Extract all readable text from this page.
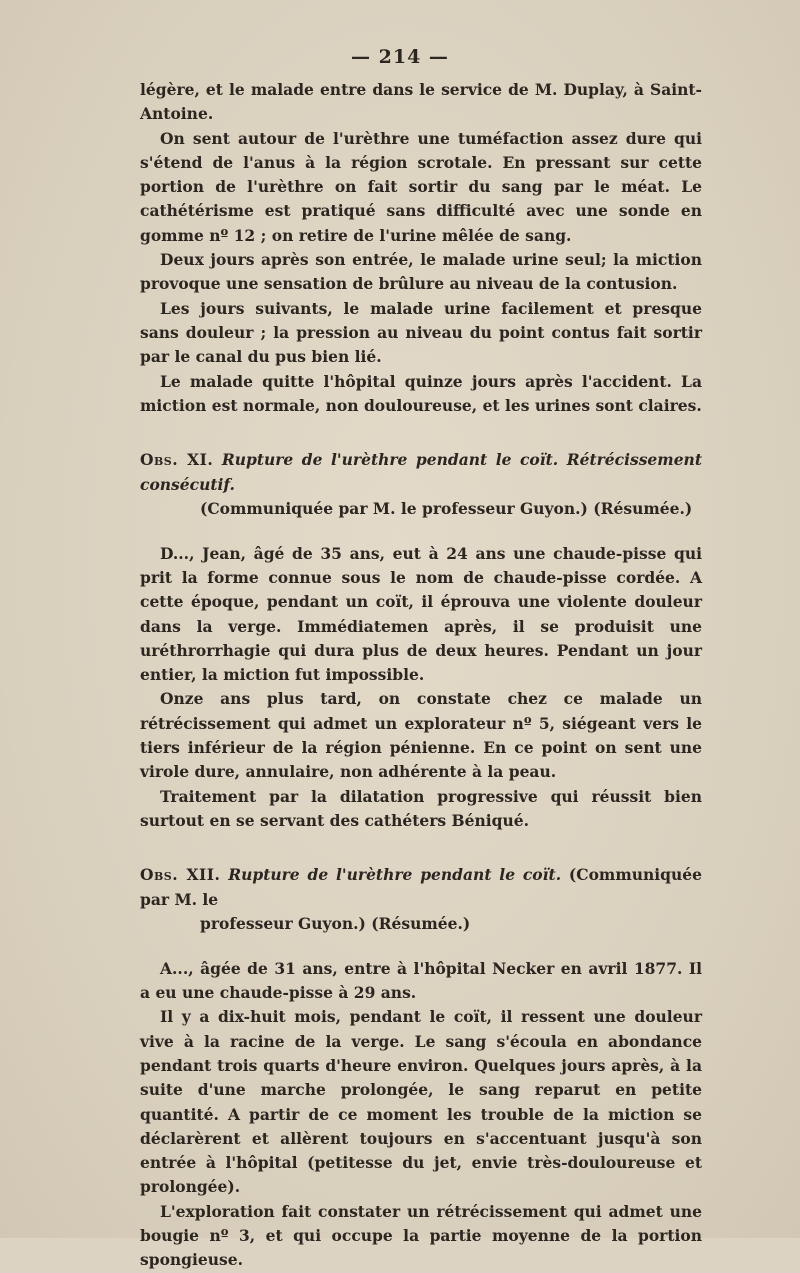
— 214 —

légère, et le malade entre dans le service de M. Duplay, à Saint-Antoine.

On sent autour de l'urèthre une tuméfaction assez dure qui s'étend de l'anus à la région scrotale. En pressant sur cette portion de l'urèthre on fait sortir du sang par le méat. Le cathétérisme est pratiqué sans difficulté avec une sonde en gomme nº 12 ; on retire de l'urine mêlée de sang.

Deux jours après son entrée, le malade urine seul; la miction provoque une sensation de brûlure au niveau de la contusion.

Les jours suivants, le malade urine facilement et presque sans douleur ; la pression au niveau du point contus fait sortir par le canal du pus bien lié.

Le malade quitte l'hôpital quinze jours après l'accident. La miction est normale, non douloureuse, et les urines sont claires.

Obs. XI. Rupture de l'urèthre pendant le coït. Rétrécissement consécutif.
(Communiquée par M. le professeur Guyon.) (Résumée.)

D..., Jean, âgé de 35 ans, eut à 24 ans une chaude-pisse qui prit la forme connue sous le nom de chaude-pisse cordée. A cette époque, pendant un coït, il éprouva une violente douleur dans la verge. Immédiatemen après, il se produisit une uréthrorrhagie qui dura plus de deux heures. Pendant un jour entier, la miction fut impossible.

Onze ans plus tard, on constate chez ce malade un rétrécissement qui admet un explorateur nº 5, siégeant vers le tiers inférieur de la région pénienne. En ce point on sent une virole dure, annulaire, non adhérente à la peau.

Traitement par la dilatation progressive qui réussit bien surtout en se servant des cathéters Béniqué.

Obs. XII. Rupture de l'urèthre pendant le coït. (Communiquée par M. le
professeur Guyon.) (Résumée.)

A..., âgée de 31 ans, entre à l'hôpital Necker en avril 1877. Il a eu une chaude-pisse à 29 ans.

Il y a dix-huit mois, pendant le coït, il ressent une douleur vive à la racine de la verge. Le sang s'écoula en abondance pendant trois quarts d'heure environ. Quelques jours après, à la suite d'une marche prolongée, le sang reparut en petite quantité. A partir de ce moment les trouble de la miction se déclarèrent et allèrent toujours en s'accentuant jusqu'à son entrée à l'hôpital (petitesse du jet, envie très-douloureuse et prolongée).

L'exploration fait constater un rétrécissement qui admet une bougie nº 3, et qui occupe la partie moyenne de la portion spongieuse.
